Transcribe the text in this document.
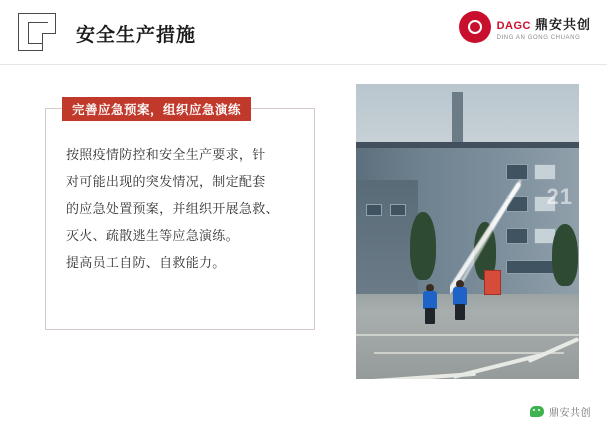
安全生产措施	DAGC 鼎安共创
DING AN GONG CHUANG
完善应急预案，组织应急演练

按照疫情防控和安全生产要求，针

对可能出现的突发情况，制定配套

的应急处置预案，并组织开展急救、

灭火、疏散逃生等应急演练。

提高员工自防、自救能力。

21
鼎安共创
